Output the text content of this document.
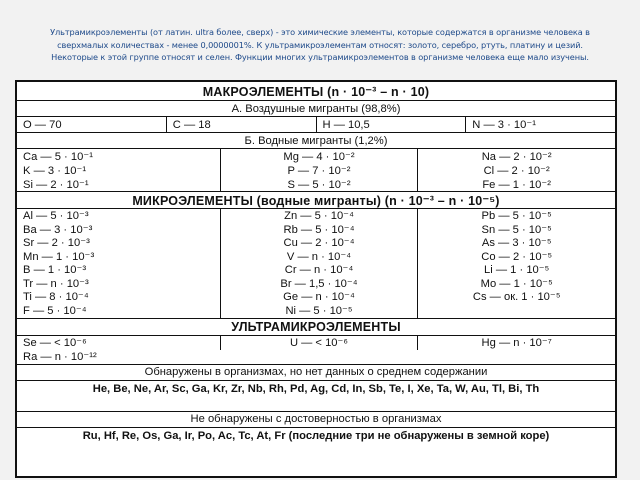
Ультрамикроэлементы (от латин. ultra более, сверх) - это химические элементы, которые содержатся в организме человека в
сверхмалых количествах - менее 0,0000001%. К ультрамикроэлементам относят: золото, серебро, ртуть, платину и цезий.
Некоторые к этой группе относят и селен. Функции многих ультрамикроэлементов в организме человека еще мало изучены.
МАКРОЭЛЕМЕНТЫ (n · 10⁻³ – n · 10)
А. Воздушные мигранты (98,8%)
O — 70	C — 18	H — 10,5	N — 3 · 10⁻¹
Б. Водные мигранты (1,2%)
Ca — 5 · 10⁻¹	Mg — 4 · 10⁻²	Na — 2 · 10⁻²
K — 3 · 10⁻¹	P — 7 · 10⁻²	Cl — 2 · 10⁻²
Si — 2 · 10⁻¹	S — 5 · 10⁻²	Fe — 1 · 10⁻²
МИКРОЭЛЕМЕНТЫ (водные мигранты) (n · 10⁻³ – n · 10⁻⁵)
Al — 5 · 10⁻³	Zn — 5 · 10⁻⁴	Pb — 5 · 10⁻⁵
Ba — 3 · 10⁻³	Rb — 5 · 10⁻⁴	Sn — 5 · 10⁻⁵
Sr — 2 · 10⁻³	Cu — 2 · 10⁻⁴	As — 3 · 10⁻⁵
Mn — 1 · 10⁻³	V — n · 10⁻⁴	Co — 2 · 10⁻⁵
B — 1 · 10⁻³	Cr — n · 10⁻⁴	Li — 1 · 10⁻⁵
Tr — n · 10⁻³	Br — 1,5 · 10⁻⁴	Mo — 1 · 10⁻⁵
Ti — 8 · 10⁻⁴	Ge — n · 10⁻⁴	Cs — ок. 1 · 10⁻⁵
F — 5 · 10⁻⁴	Ni — 5 · 10⁻⁵
УЛЬТРАМИКРОЭЛЕМЕНТЫ
Se — < 10⁻⁶	U — < 10⁻⁶	Hg — n · 10⁻⁷
Ra — n · 10⁻¹²
Обнаружены в организмах, но нет данных о среднем содержании
He, Be, Ne, Ar, Sc, Ga, Kr, Zr, Nb, Rh, Pd, Ag, Cd, In, Sb, Te, I, Xe, Ta, W, Au, Tl, Bi, Th
Не обнаружены с достоверностью в организмах
Ru, Hf, Re, Os, Ga, Ir, Po, Ac, Tc, At, Fr (последние три не обнаружены в земной коре)
